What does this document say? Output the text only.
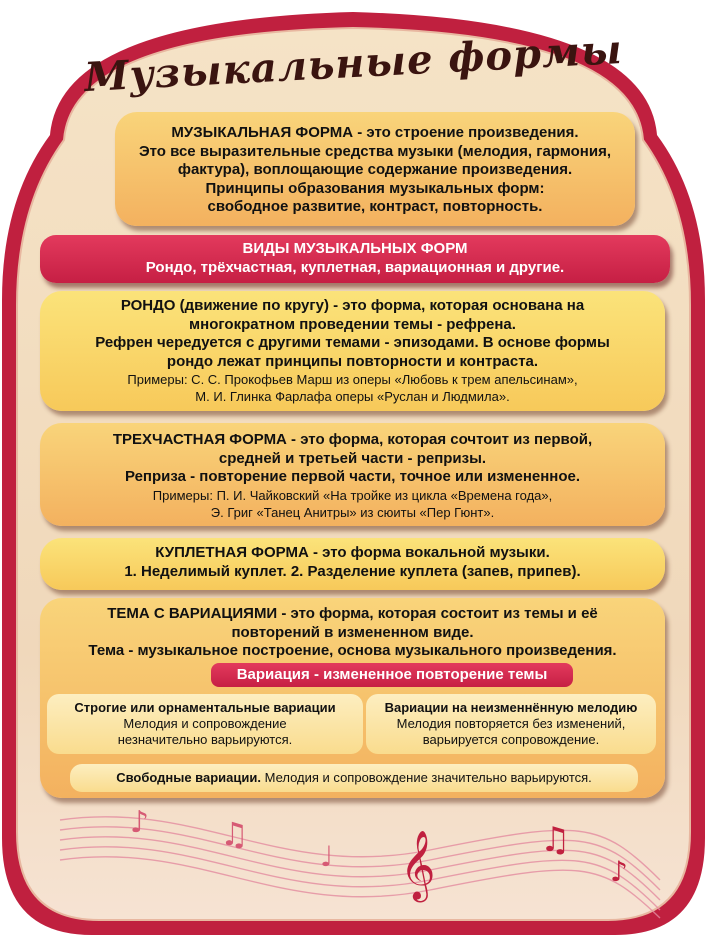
Музыкальные формы
МУЗЫКАЛЬНАЯ ФОРМА - это строение произведения.
Это все выразительные средства музыки (мелодия, гармония,
фактура), воплощающие содержание произведения.
Принципы образования музыкальных форм:
свободное развитие, контраст, повторность.
ВИДЫ МУЗЫКАЛЬНЫХ ФОРМ
Рондо, трёхчастная, куплетная, вариационная и другие.
РОНДО (движение по кругу) - это форма, которая основана на
многократном проведении темы - рефрена.
Рефрен чередуется с другими темами - эпизодами. В основе формы
рондо лежат принципы повторности и контраста.
Примеры: С. С. Прокофьев Марш из оперы «Любовь к трем апельсинам»,
М. И. Глинка Фарлафа оперы «Руслан и Людмила».
ТРЕХЧАСТНАЯ ФОРМА - это форма, которая сочтоит из первой,
средней и третьей части - репризы.
Реприза - повторение первой части, точное или измененное.
Примеры: П. И. Чайковский «На тройке из цикла «Времена года»,
Э. Григ «Танец Анитры» из сюиты «Пер Гюнт».
КУПЛЕТНАЯ ФОРМА - это форма вокальной музыки.
1. Неделимый куплет. 2. Разделение куплета (запев, припев).
ТЕМА С ВАРИАЦИЯМИ - это форма, которая состоит из темы и её
повторений в измененном виде.
Тема - музыкальное построение, основа музыкального произведения.
Вариация - измененное повторение темы
Строгие или орнаментальные вариации
Мелодия и сопровождение
незначительно варьируются.
Вариации на неизменнённую мелодию
Мелодия повторяется без изменений,
варьируется сопровождение.
Свободные вариации. Мелодия и сопровождение значительно варьируются.
𝄞
♪ ♫
♩	♫
♪
